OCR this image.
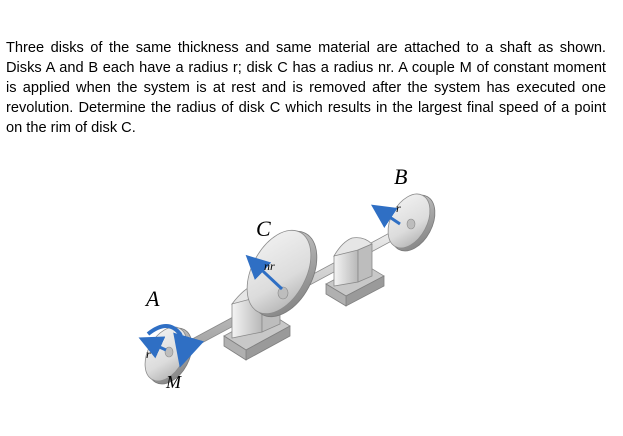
Three disks of the same thickness and same material are attached to a shaft as shown. Disks A and B each have a radius r; disk C has a radius nr. A couple M of constant moment is applied when the system is at rest and is removed after the system has executed one revolution. Determine the radius of disk C which results in the largest final speed of a point on the rim of disk C.

A
B
C
M
r
r
nr
